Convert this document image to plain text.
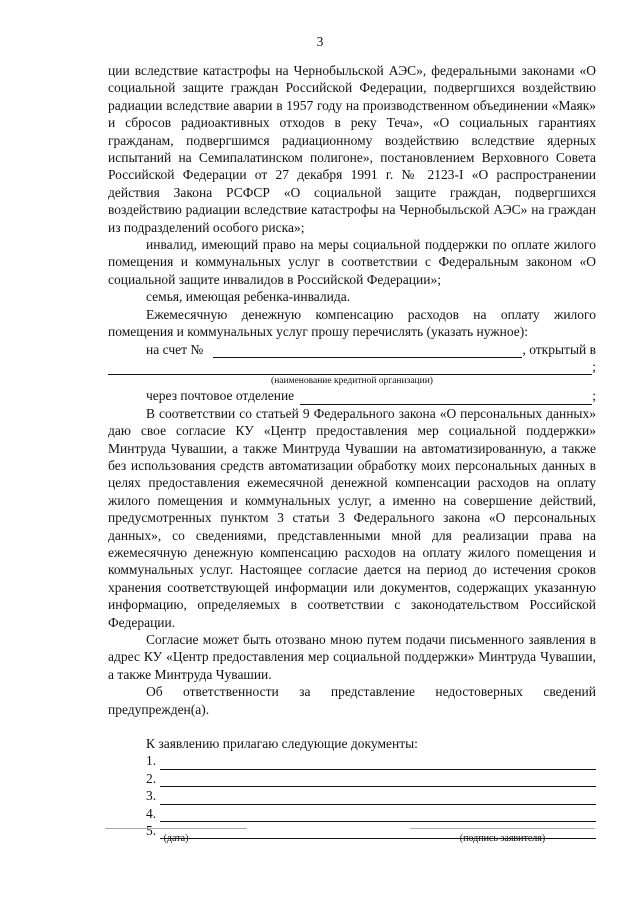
3

ции вследствие катастрофы на Чернобыльской АЭС», федеральными законами «О социальной защите граждан Российской Федерации, подвергшихся воздействию радиации вследствие аварии в 1957 году на производственном объединении «Маяк» и сбросов радиоактивных отходов в реку Теча», «О социальных гарантиях гражданам, подвергшимся радиационному воздействию вследствие ядерных испытаний на Семипалатинском полигоне», постановлением Верховного Совета Российской Федерации от 27 декабря 1991 г. № 2123-I «О распространении действия Закона РСФСР «О социальной защите граждан, подвергшихся воздействию радиации вследствие катастрофы на Чернобыльской АЭС» на граждан из подразделений особого риска»;

инвалид, имеющий право на меры социальной поддержки по оплате жилого помещения и коммунальных услуг в соответствии с Федеральным законом «О социальной защите инвалидов в Российской Федерации»;

семья, имеющая ребенка-инвалида.

Ежемесячную денежную компенсацию расходов на оплату жилого помещения и коммунальных услуг прошу перечислять (указать нужное):

на счет №	, открытый в
;
(наименование кредитной организации)
через почтовое отделение	;

В соответствии со статьей 9 Федерального закона «О персональных данных» даю свое согласие КУ «Центр предоставления мер социальной поддержки» Минтруда Чувашии, а также Минтруда Чувашии на автоматизированную, а также без использования средств автоматизации обработку моих персональных данных в целях предоставления ежемесячной денежной компенсации расходов на оплату жилого помещения и коммунальных услуг, а именно на совершение действий, предусмотренных пунктом 3 статьи 3 Федерального закона «О персональных данных», со сведениями, представленными мной для реализации права на ежемесячную денежную компенсацию расходов на оплату жилого помещения и коммунальных услуг. Настоящее согласие дается на период до истечения сроков хранения соответствующей информации или документов, содержащих указанную информацию, определяемых в соответствии с законодательством Российской Федерации.

Согласие может быть отозвано мною путем подачи письменного заявления в адрес КУ «Центр предоставления мер социальной поддержки» Минтруда Чувашии, а также Минтруда Чувашии.

Об ответственности за представление недостоверных сведений предупрежден(а).

К заявлению прилагаю следующие документы:

1.
2.
3.
4.
5.
(дата)	(подпись заявителя)
